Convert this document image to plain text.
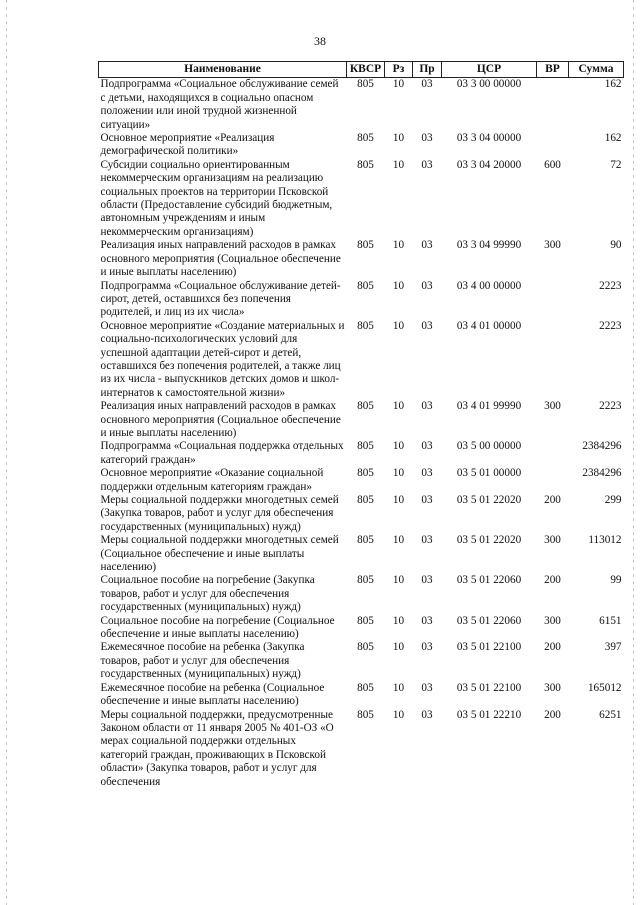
38
Наименование	КВСР	Рз	Пр	ЦСР	ВР	Сумма
Подпрограмма «Социальное обслуживание семей с детьми, находящихся в социально опасном положении или иной трудной жизненной ситуации»	805	10	03	03 3 00 00000		162
Основное мероприятие «Реализация демографической политики»	805	10	03	03 3 04 00000		162
Субсидии социально ориентированным некоммерческим организациям на реализацию социальных проектов на территории Псковской области (Предоставление субсидий бюджетным, автономным учреждениям и иным некоммерческим организациям)	805	10	03	03 3 04 20000	600	72
Реализация иных направлений расходов в рамках основного мероприятия (Социальное обеспечение и иные выплаты населению)	805	10	03	03 3 04 99990	300	90
Подпрограмма «Социальное обслуживание детей-сирот, детей, оставшихся без попечения родителей, и лиц из их числа»	805	10	03	03 4 00 00000		2223
Основное мероприятие «Создание материальных и социально-психологических условий для успешной адаптации детей-сирот и детей, оставшихся без попечения родителей, а также лиц из их числа - выпускников детских домов и школ-интернатов к самостоятельной жизни»	805	10	03	03 4 01 00000		2223
Реализация иных направлений расходов в рамках основного мероприятия (Социальное обеспечение и иные выплаты населению)	805	10	03	03 4 01 99990	300	2223
Подпрограмма «Социальная поддержка отдельных категорий граждан»	805	10	03	03 5 00 00000		2384296
Основное мероприятие «Оказание социальной поддержки отдельным категориям граждан»	805	10	03	03 5 01 00000		2384296
Меры социальной поддержки многодетных семей (Закупка товаров, работ и услуг для обеспечения государственных (муниципальных) нужд)	805	10	03	03 5 01 22020	200	299
Меры социальной поддержки многодетных семей (Социальное обеспечение и иные выплаты населению)	805	10	03	03 5 01 22020	300	113012
Социальное пособие на погребение (Закупка товаров, работ и услуг для обеспечения государственных (муниципальных) нужд)	805	10	03	03 5 01 22060	200	99
Социальное пособие на погребение (Социальное обеспечение и иные выплаты населению)	805	10	03	03 5 01 22060	300	6151
Ежемесячное пособие на ребенка (Закупка товаров, работ и услуг для обеспечения государственных (муниципальных) нужд)	805	10	03	03 5 01 22100	200	397
Ежемесячное пособие на ребенка (Социальное обеспечение и иные выплаты населению)	805	10	03	03 5 01 22100	300	165012
Меры социальной поддержки, предусмотренные Законом области от 11 января 2005 № 401-ОЗ «О мерах социальной поддержки отдельных категорий граждан, проживающих в Псковской области» (Закупка товаров, работ и услуг для обеспечения	805	10	03	03 5 01 22210	200	6251
